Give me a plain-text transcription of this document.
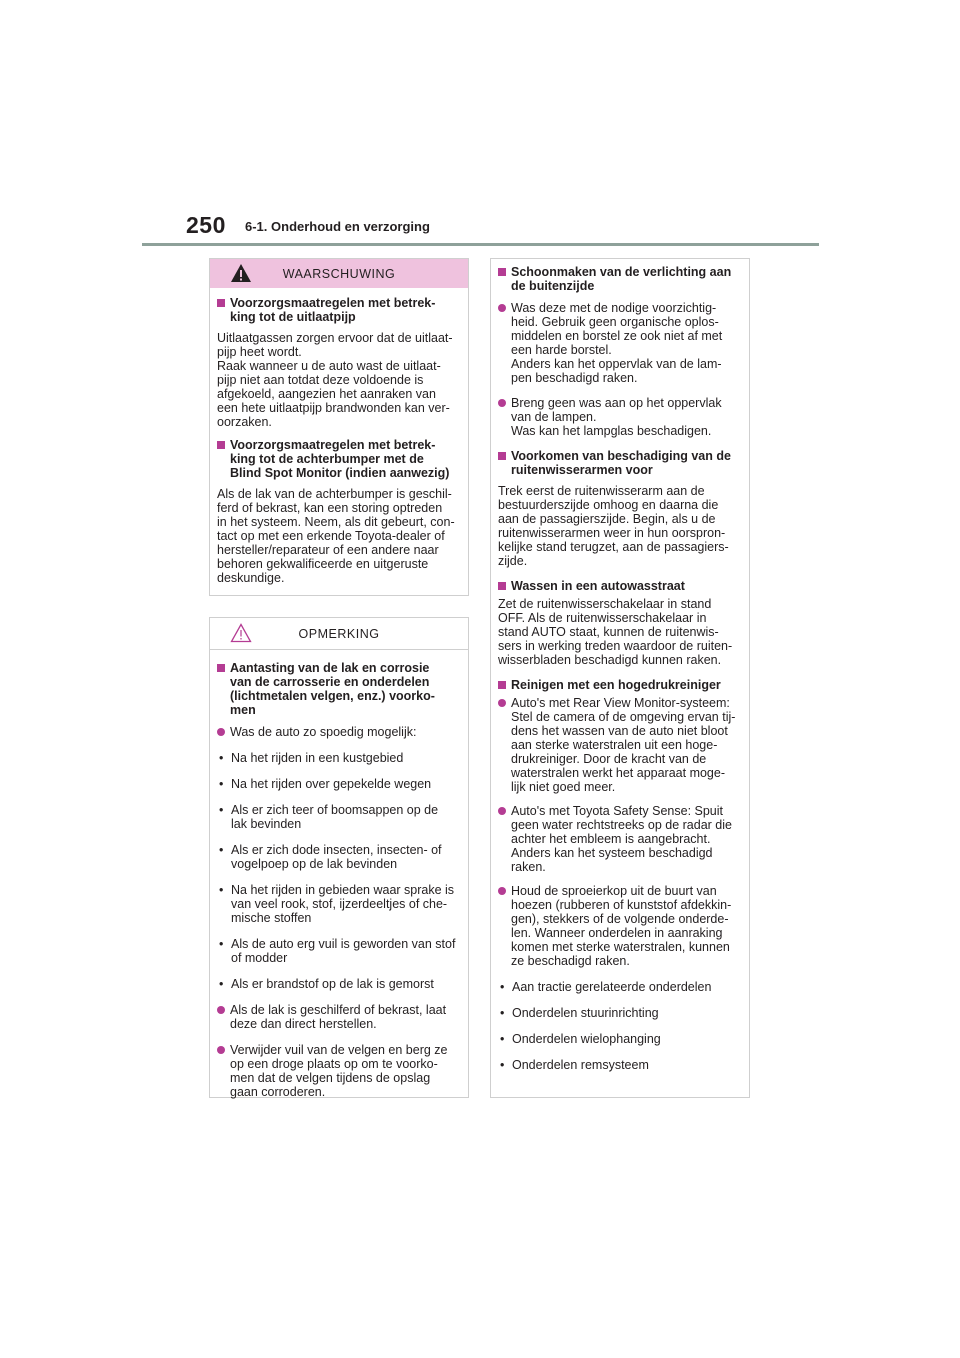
250 6-1. Onderhoud en verzorging
WAARSCHUWING
Voorzorgsmaatregelen met betrek-
king tot de uitlaatpijp
Uitlaatgassen zorgen ervoor dat de uitlaat-
pijp heet wordt.
Raak wanneer u de auto wast de uitlaat-
pijp niet aan totdat deze voldoende is
afgekoeld, aangezien het aanraken van
een hete uitlaatpijp brandwonden kan ver-
oorzaken.
Voorzorgsmaatregelen met betrek-
king tot de achterbumper met de
Blind Spot Monitor (indien aanwezig)
Als de lak van de achterbumper is geschil-
ferd of bekrast, kan een storing optreden
in het systeem. Neem, als dit gebeurt, con-
tact op met een erkende Toyota-dealer of
hersteller/reparateur of een andere naar
behoren gekwalificeerde en uitgeruste
deskundige.
OPMERKING
Aantasting van de lak en corrosie
van de carrosserie en onderdelen
(lichtmetalen velgen, enz.) voorko-
men
Was de auto zo spoedig mogelijk:
• Na het rijden in een kustgebied
• Na het rijden over gepekelde wegen
• Als er zich teer of boomsappen op de
lak bevinden
• Als er zich dode insecten, insecten- of
vogelpoep op de lak bevinden
• Na het rijden in gebieden waar sprake is
van veel rook, stof, ijzerdeeltjes of che-
mische stoffen
• Als de auto erg vuil is geworden van stof
of modder
• Als er brandstof op de lak is gemorst
Als de lak is geschilferd of bekrast, laat
deze dan direct herstellen.
Verwijder vuil van de velgen en berg ze
op een droge plaats op om te voorko-
men dat de velgen tijdens de opslag
gaan corroderen.
Schoonmaken van de verlichting aan
de buitenzijde
Was deze met de nodige voorzichtig-
heid. Gebruik geen organische oplos-
middelen en borstel ze ook niet af met
een harde borstel.
Anders kan het oppervlak van de lam-
pen beschadigd raken.
Breng geen was aan op het oppervlak
van de lampen.
Was kan het lampglas beschadigen.
Voorkomen van beschadiging van de
ruitenwisserarmen voor
Trek eerst de ruitenwisserarm aan de
bestuurderszijde omhoog en daarna die
aan de passagierszijde. Begin, als u de
ruitenwisserarmen weer in hun oorspron-
kelijke stand terugzet, aan de passagiers-
zijde.
Wassen in een autowasstraat
Zet de ruitenwisserschakelaar in stand
OFF. Als de ruitenwisserschakelaar in
stand AUTO staat, kunnen de ruitenwis-
sers in werking treden waardoor de ruiten-
wisserbladen beschadigd kunnen raken.
Reinigen met een hogedrukreiniger
Auto's met Rear View Monitor-systeem:
Stel de camera of de omgeving ervan tij-
dens het wassen van de auto niet bloot
aan sterke waterstralen uit een hoge-
drukreiniger. Door de kracht van de
waterstralen werkt het apparaat moge-
lijk niet goed meer.
Auto's met Toyota Safety Sense: Spuit
geen water rechtstreeks op de radar die
achter het embleem is aangebracht.
Anders kan het systeem beschadigd
raken.
Houd de sproeierkop uit de buurt van
hoezen (rubberen of kunststof afdekkin-
gen), stekkers of de volgende onderde-
len. Wanneer onderdelen in aanraking
komen met sterke waterstralen, kunnen
ze beschadigd raken.
• Aan tractie gerelateerde onderdelen
• Onderdelen stuurinrichting
• Onderdelen wielophanging
• Onderdelen remsysteem
